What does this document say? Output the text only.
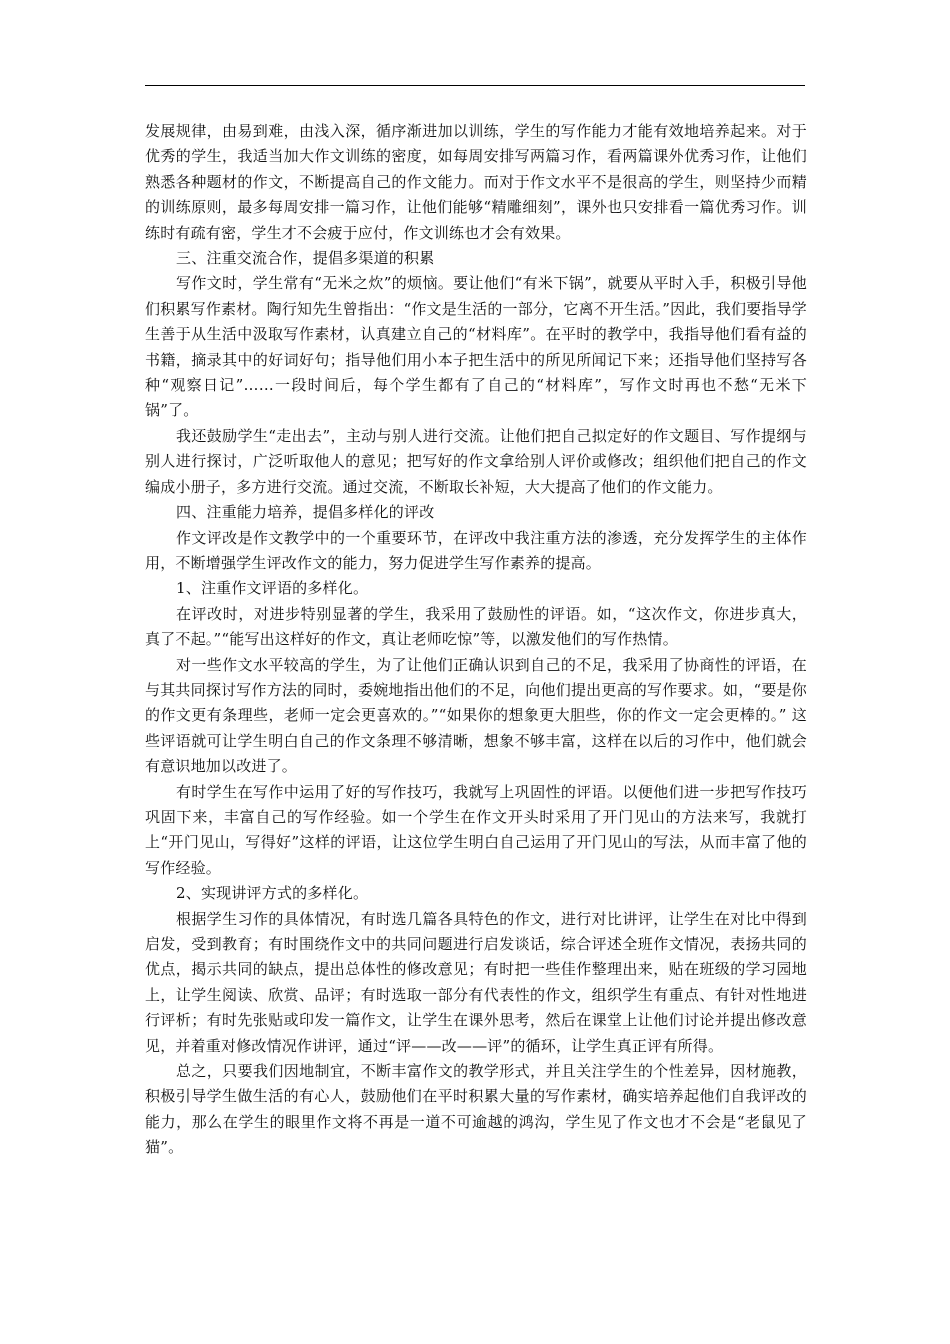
发展规律，由易到难，由浅入深，循序渐进加以训练，学生的写作能力才能有效地培养起来。对于优秀的学生，我适当加大作文训练的密度，如每周安排写两篇习作，看两篇课外优秀习作，让他们熟悉各种题材的作文，不断提高自己的作文能力。而对于作文水平不是很高的学生，则坚持少而精的训练原则，最多每周安排一篇习作，让他们能够“精雕细刻”，课外也只安排看一篇优秀习作。训练时有疏有密，学生才不会疲于应付，作文训练也才会有效果。

三、注重交流合作，提倡多渠道的积累

写作文时，学生常有“无米之炊”的烦恼。要让他们“有米下锅”，就要从平时入手，积极引导他们积累写作素材。陶行知先生曾指出：“作文是生活的一部分，它离不开生活。”因此，我们要指导学生善于从生活中汲取写作素材，认真建立自己的“材料库”。在平时的教学中，我指导他们看有益的书籍，摘录其中的好词好句；指导他们用小本子把生活中的所见所闻记下来；还指导他们坚持写各种“观察日记”……一段时间后，每个学生都有了自己的“材料库”，写作文时再也不愁“无米下锅”了。

我还鼓励学生“走出去”，主动与别人进行交流。让他们把自己拟定好的作文题目、写作提纲与别人进行探讨，广泛听取他人的意见；把写好的作文拿给别人评价或修改；组织他们把自己的作文编成小册子，多方进行交流。通过交流，不断取长补短，大大提高了他们的作文能力。

四、注重能力培养，提倡多样化的评改

作文评改是作文教学中的一个重要环节，在评改中我注重方法的渗透，充分发挥学生的主体作用，不断增强学生评改作文的能力，努力促进学生写作素养的提高。

1、注重作文评语的多样化。

在评改时，对进步特别显著的学生，我采用了鼓励性的评语。如，“这次作文，你进步真大，真了不起。”“能写出这样好的作文，真让老师吃惊”等，以激发他们的写作热情。

对一些作文水平较高的学生，为了让他们正确认识到自己的不足，我采用了协商性的评语，在与其共同探讨写作方法的同时，委婉地指出他们的不足，向他们提出更高的写作要求。如，“要是你的作文更有条理些，老师一定会更喜欢的。”“如果你的想象更大胆些，你的作文一定会更棒的。” 这些评语就可让学生明白自己的作文条理不够清晰，想象不够丰富，这样在以后的习作中，他们就会有意识地加以改进了。

有时学生在写作中运用了好的写作技巧，我就写上巩固性的评语。以便他们进一步把写作技巧巩固下来，丰富自己的写作经验。如一个学生在作文开头时采用了开门见山的方法来写，我就打上“开门见山，写得好”这样的评语，让这位学生明白自己运用了开门见山的写法，从而丰富了他的写作经验。

2、实现讲评方式的多样化。

根据学生习作的具体情况，有时选几篇各具特色的作文，进行对比讲评，让学生在对比中得到启发，受到教育；有时围绕作文中的共同问题进行启发谈话，综合评述全班作文情况，表扬共同的优点，揭示共同的缺点，提出总体性的修改意见；有时把一些佳作整理出来，贴在班级的学习园地上，让学生阅读、欣赏、品评；有时选取一部分有代表性的作文，组织学生有重点、有针对性地进行评析；有时先张贴或印发一篇作文，让学生在课外思考，然后在课堂上让他们讨论并提出修改意见，并着重对修改情况作讲评，通过“评——改——评”的循环，让学生真正评有所得。

总之，只要我们因地制宜，不断丰富作文的教学形式，并且关注学生的个性差异，因材施教，积极引导学生做生活的有心人，鼓励他们在平时积累大量的写作素材，确实培养起他们自我评改的能力，那么在学生的眼里作文将不再是一道不可逾越的鸿沟，学生见了作文也才不会是“老鼠见了猫”。
